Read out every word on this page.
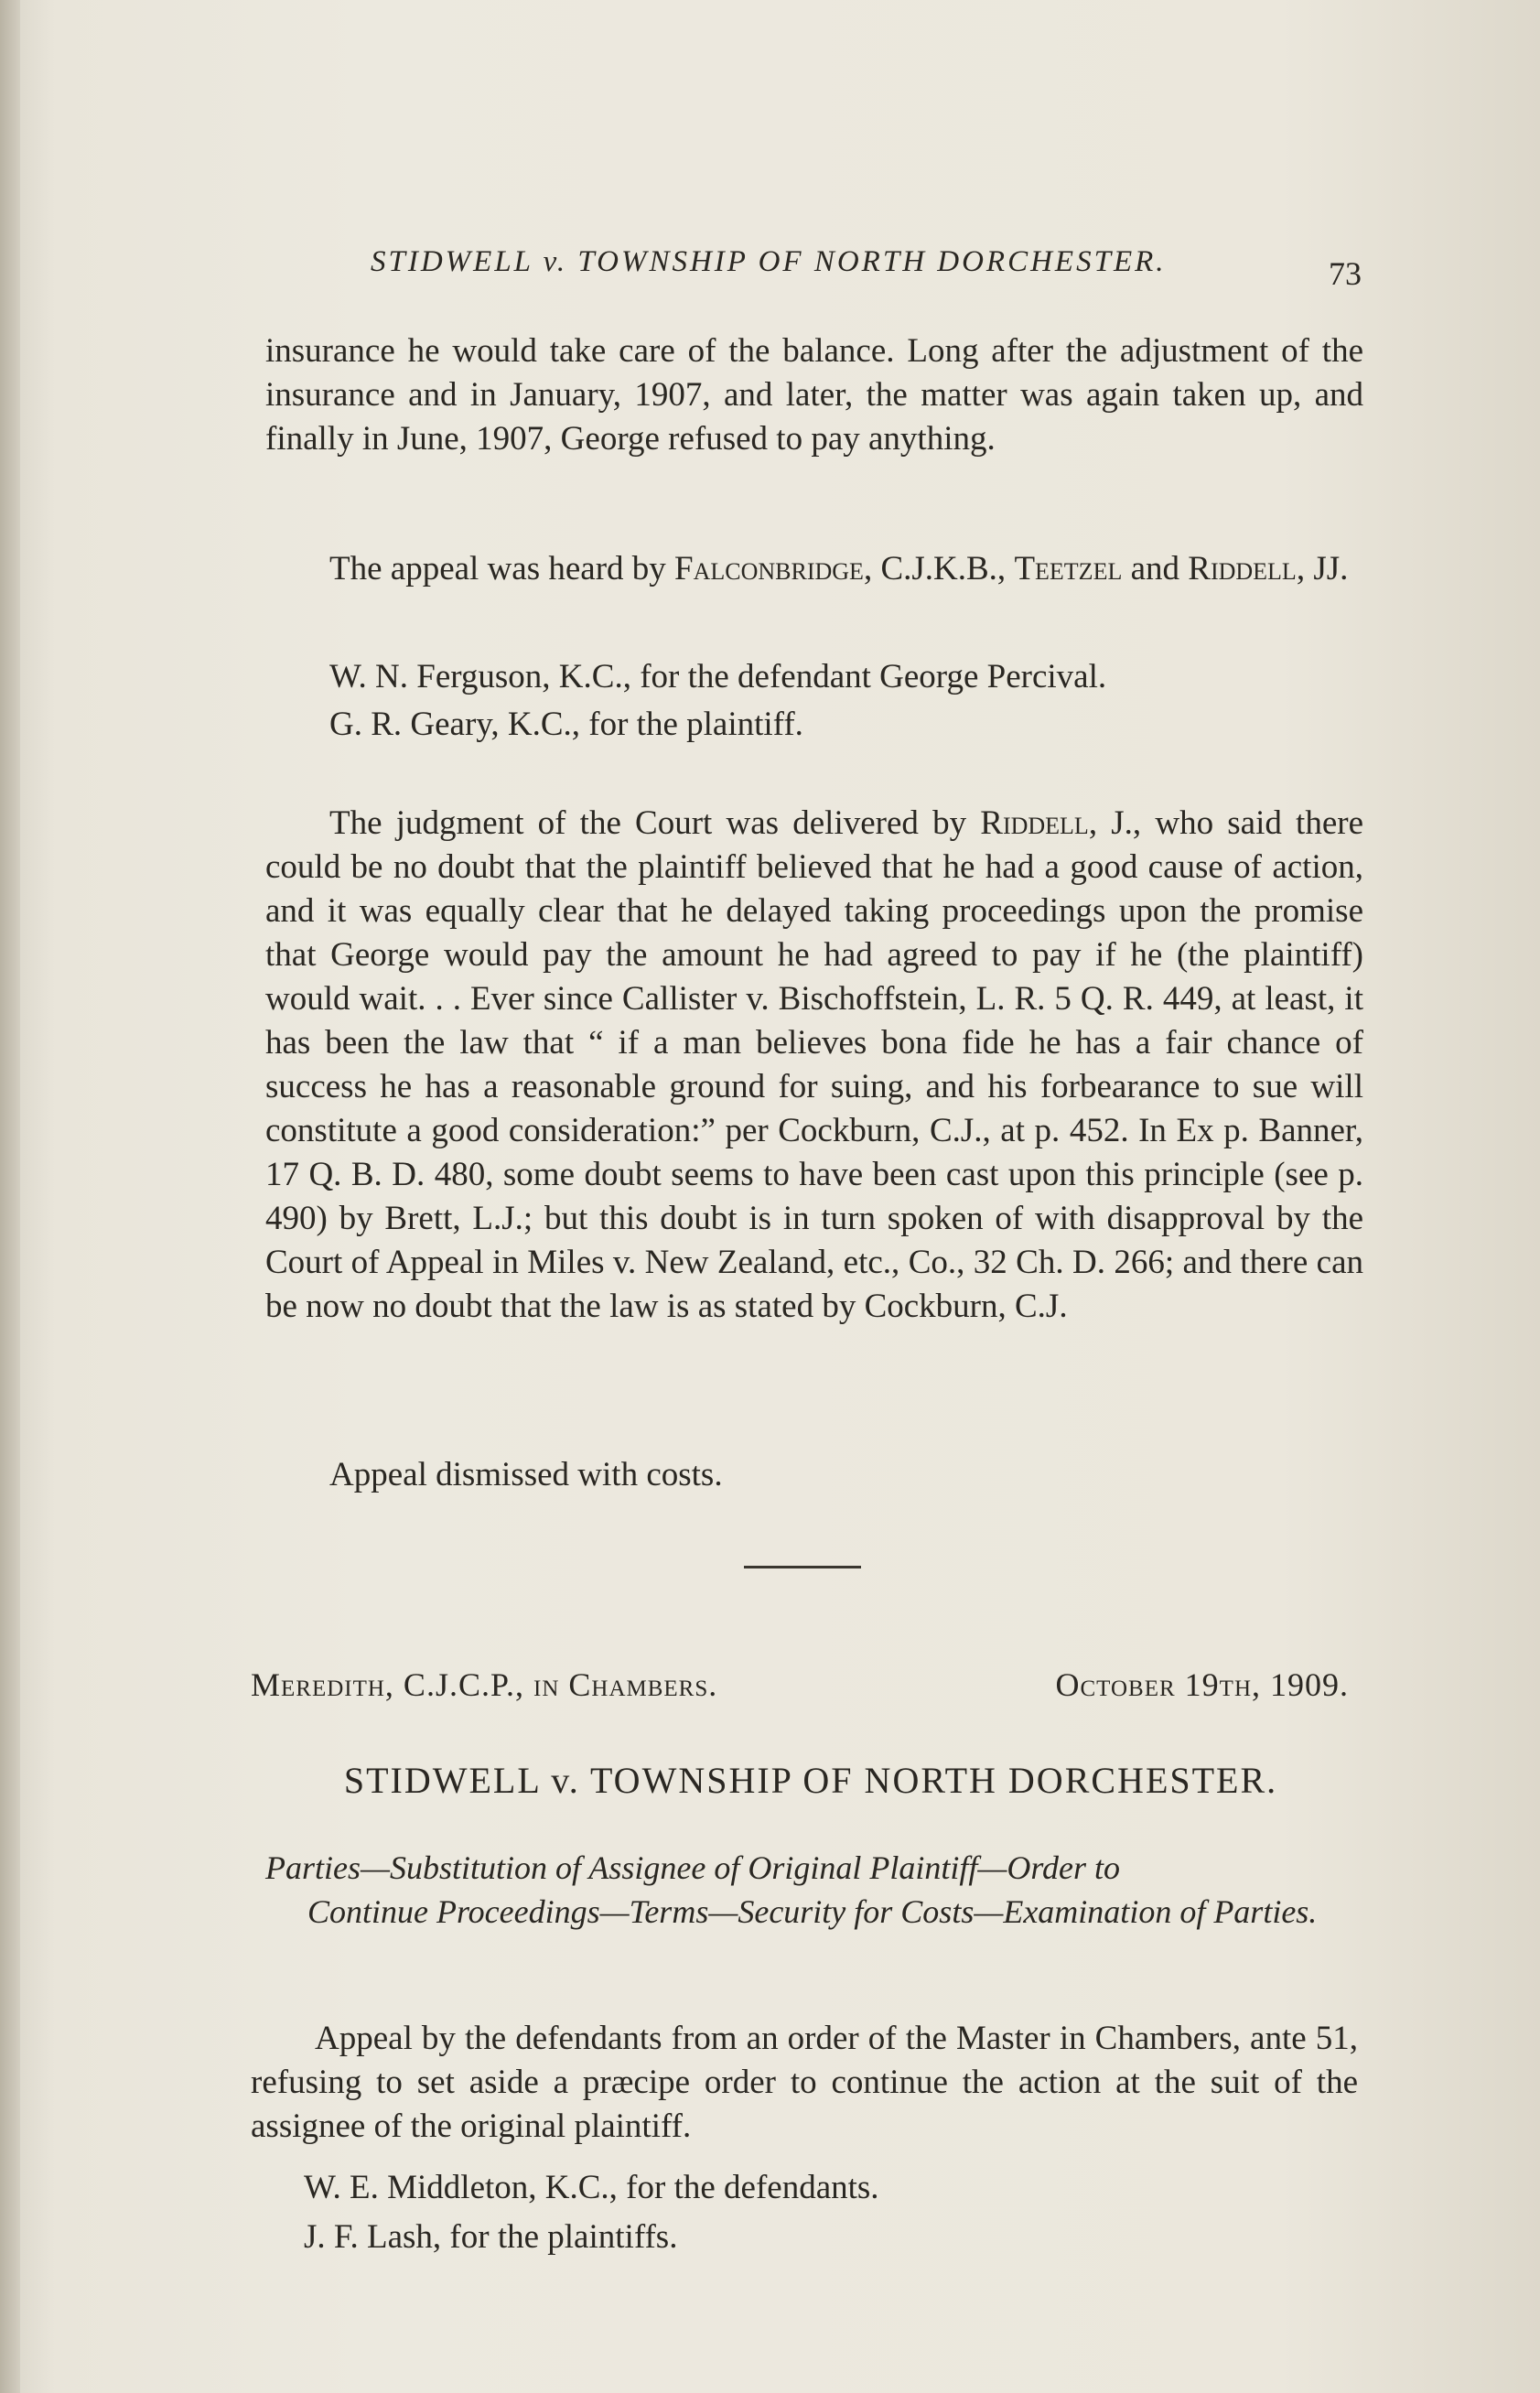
STIDWELL v. TOWNSHIP OF NORTH DORCHESTER.	73

insurance he would take care of the balance. Long after the adjustment of the insurance and in January, 1907, and later, the matter was again taken up, and finally in June, 1907, George refused to pay anything.

The appeal was heard by Falconbridge, C.J.K.B., Teetzel and Riddell, JJ.

W. N. Ferguson, K.C., for the defendant George Percival.

G. R. Geary, K.C., for the plaintiff.

The judgment of the Court was delivered by Riddell, J., who said there could be no doubt that the plaintiff believed that he had a good cause of action, and it was equally clear that he delayed taking proceedings upon the promise that George would pay the amount he had agreed to pay if he (the plaintiff) would wait. . . Ever since Callister v. Bischoffstein, L. R. 5 Q. R. 449, at least, it has been the law that “ if a man believes bona fide he has a fair chance of success he has a reasonable ground for suing, and his forbearance to sue will constitute a good consideration:” per Cockburn, C.J., at p. 452. In Ex p. Banner, 17 Q. B. D. 480, some doubt seems to have been cast upon this principle (see p. 490) by Brett, L.J.; but this doubt is in turn spoken of with disapproval by the Court of Appeal in Miles v. New Zealand, etc., Co., 32 Ch. D. 266; and there can be now no doubt that the law is as stated by Cockburn, C.J.

Appeal dismissed with costs.

Meredith, C.J.C.P., in Chambers.	October 19th, 1909.
STIDWELL v. TOWNSHIP OF NORTH DORCHESTER.
Parties—Substitution of Assignee of Original Plaintiff—Order to
Continue Proceedings—Terms—Security for Costs—Examination of Parties.

Appeal by the defendants from an order of the Master in Chambers, ante 51, refusing to set aside a præcipe order to continue the action at the suit of the assignee of the original plaintiff.

W. E. Middleton, K.C., for the defendants.

J. F. Lash, for the plaintiffs.
